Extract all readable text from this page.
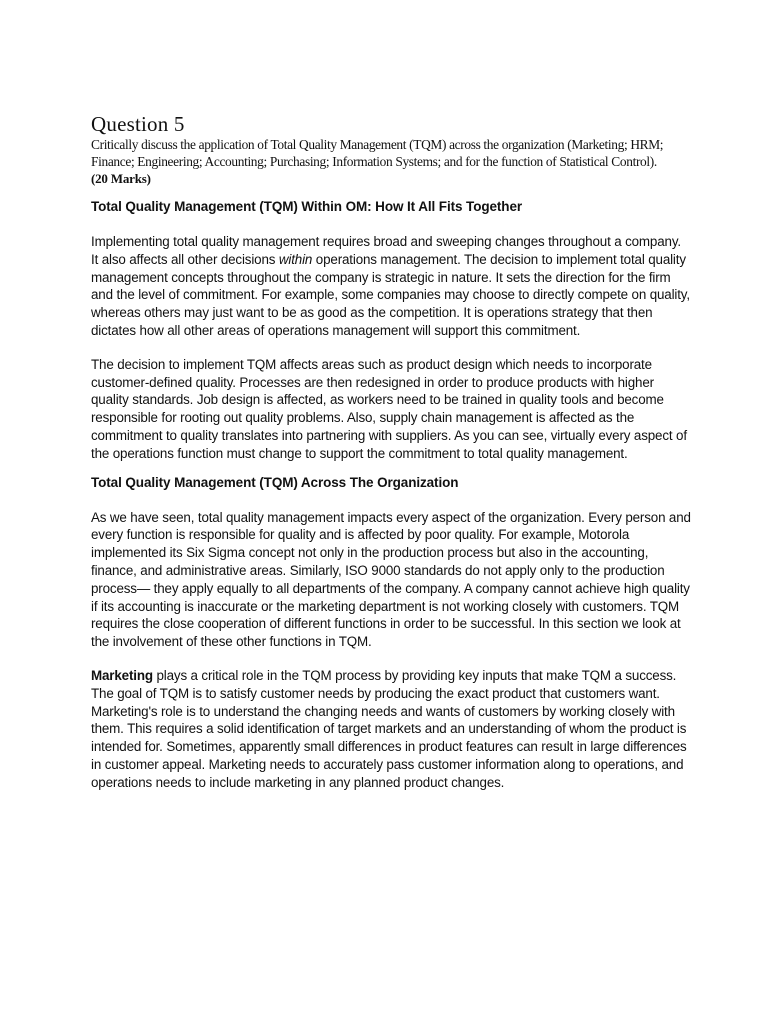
Question 5

Critically discuss the application of Total Quality Management (TQM) across the organization (Marketing; HRM; Finance; Engineering; Accounting; Purchasing; Information Systems; and for the function of Statistical Control).

(20 Marks)

Total Quality Management (TQM) Within OM: How It All Fits Together

Implementing total quality management requires broad and sweeping changes throughout a company. It also affects all other decisions within operations management. The decision to implement total quality management concepts throughout the company is strategic in nature. It sets the direction for the firm and the level of commitment. For example, some companies may choose to directly compete on quality, whereas others may just want to be as good as the competition. It is operations strategy that then dictates how all other areas of operations management will support this commitment.

The decision to implement TQM affects areas such as product design which needs to incorporate customer-defined quality. Processes are then redesigned in order to produce products with higher quality standards. Job design is affected, as workers need to be trained in quality tools and become responsible for rooting out quality problems. Also, supply chain management is affected as the commitment to quality translates into partnering with suppliers. As you can see, virtually every aspect of the operations function must change to support the commitment to total quality management.

Total Quality Management (TQM) Across The Organization

As we have seen, total quality management impacts every aspect of the organization. Every person and every function is responsible for quality and is affected by poor quality. For example, Motorola implemented its Six Sigma concept not only in the production process but also in the accounting, finance, and administrative areas. Similarly, ISO 9000 standards do not apply only to the production process— they apply equally to all departments of the company. A company cannot achieve high quality if its accounting is inaccurate or the marketing department is not working closely with customers. TQM requires the close cooperation of different functions in order to be successful. In this section we look at the involvement of these other functions in TQM.

Marketing plays a critical role in the TQM process by providing key inputs that make TQM a success. The goal of TQM is to satisfy customer needs by producing the exact product that customers want. Marketing's role is to understand the changing needs and wants of customers by working closely with them. This requires a solid identification of target markets and an understanding of whom the product is intended for. Sometimes, apparently small differences in product features can result in large differences in customer appeal. Marketing needs to accurately pass customer information along to operations, and operations needs to include marketing in any planned product changes.
